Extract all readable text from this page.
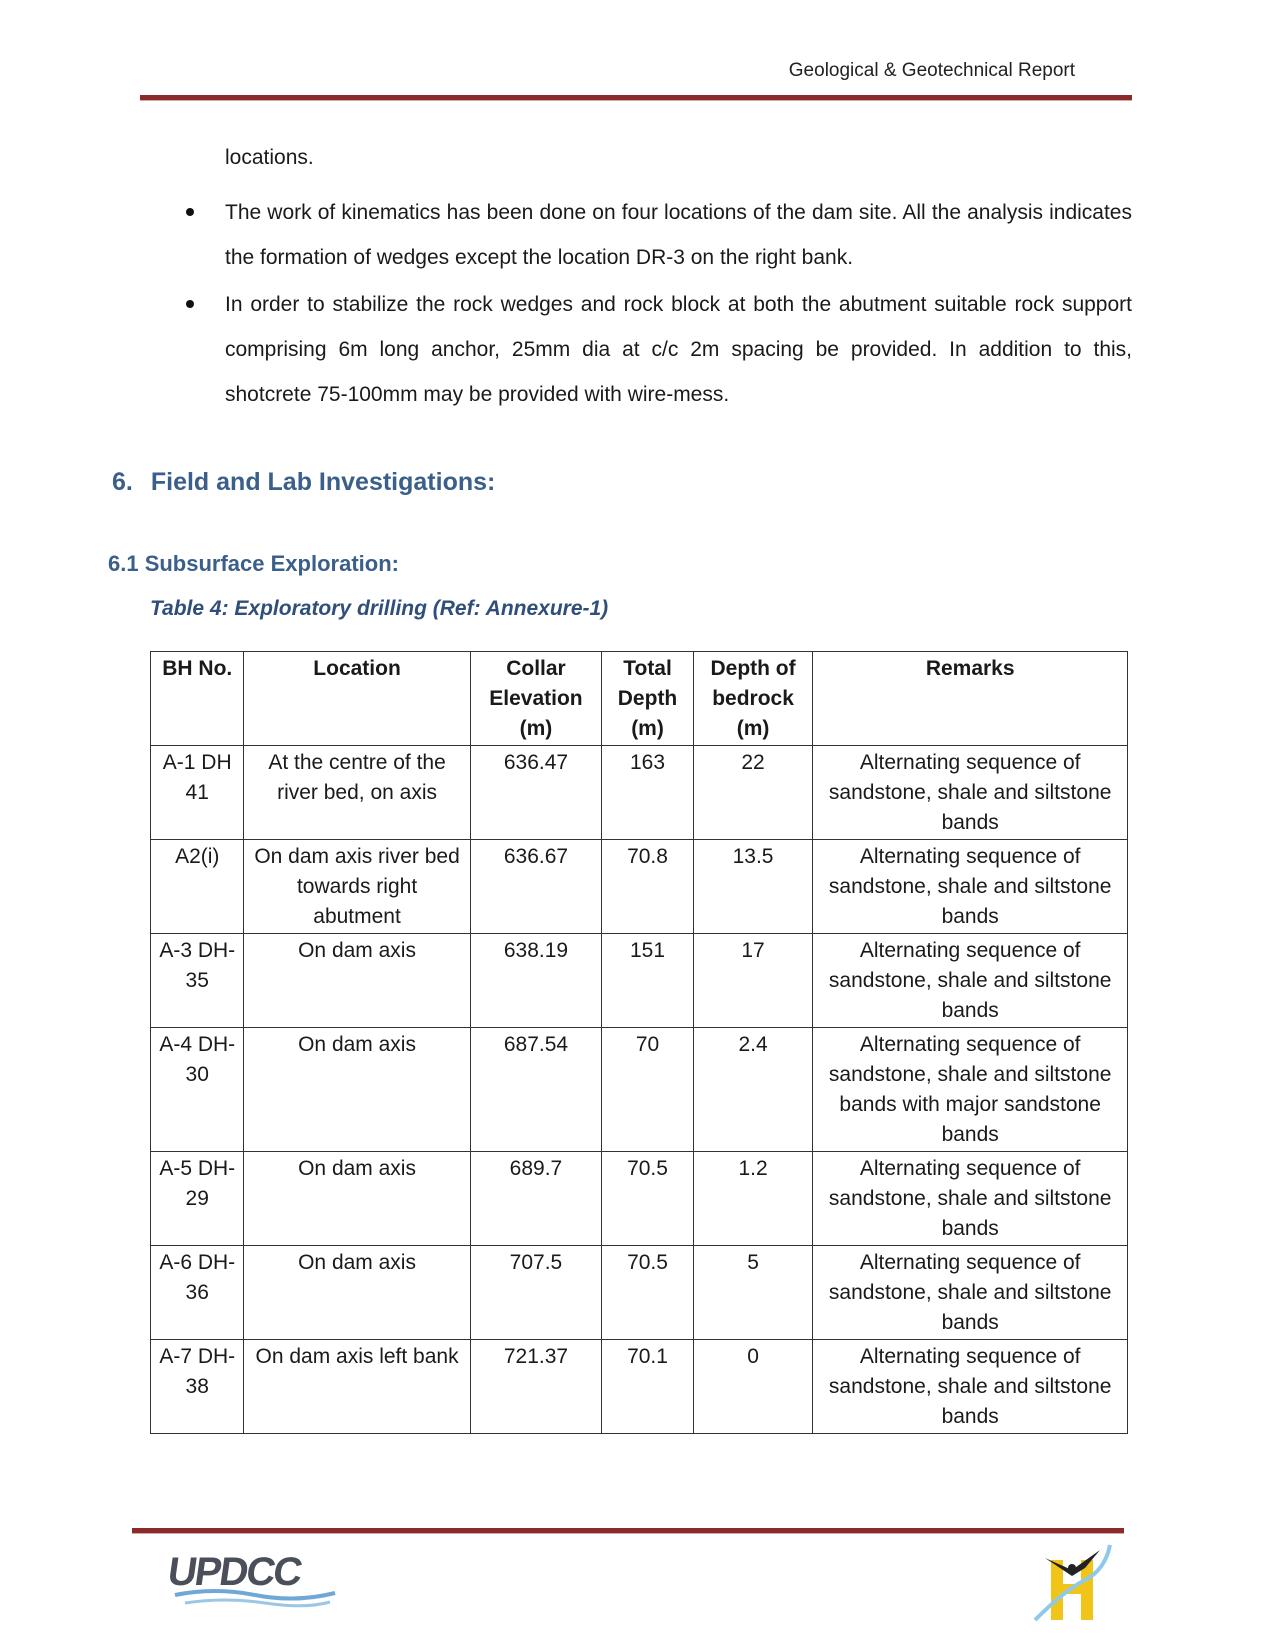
Geological & Geotechnical Report
locations.
The work of kinematics has been done on four locations of the dam site. All the analysis indicates the formation of wedges except the location DR-3 on the right bank.
In order to stabilize the rock wedges and rock block at both the abutment suitable rock support comprising 6m long anchor, 25mm dia at c/c 2m spacing be provided. In addition to this, shotcrete 75-100mm may be provided with wire-mess.
6. Field and Lab Investigations:
6.1 Subsurface Exploration:
Table 4: Exploratory drilling (Ref: Annexure-1)
BH No.	Location	Collar Elevation (m)	Total Depth (m)	Depth of bedrock (m)	Remarks
A-1 DH 41	At the centre of the river bed, on axis	636.47	163	22	Alternating sequence of sandstone, shale and siltstone bands
A2(i)	On dam axis river bed towards right abutment	636.67	70.8	13.5	Alternating sequence of sandstone, shale and siltstone bands
A-3 DH-35	On dam axis	638.19	151	17	Alternating sequence of sandstone, shale and siltstone bands
A-4 DH-30	On dam axis	687.54	70	2.4	Alternating sequence of sandstone, shale and siltstone bands with major sandstone bands
A-5 DH-29	On dam axis	689.7	70.5	1.2	Alternating sequence of sandstone, shale and siltstone bands
A-6 DH-36	On dam axis	707.5	70.5	5	Alternating sequence of sandstone, shale and siltstone bands
A-7 DH-38	On dam axis left bank	721.37	70.1	0	Alternating sequence of sandstone, shale and siltstone bands
UPDCC
